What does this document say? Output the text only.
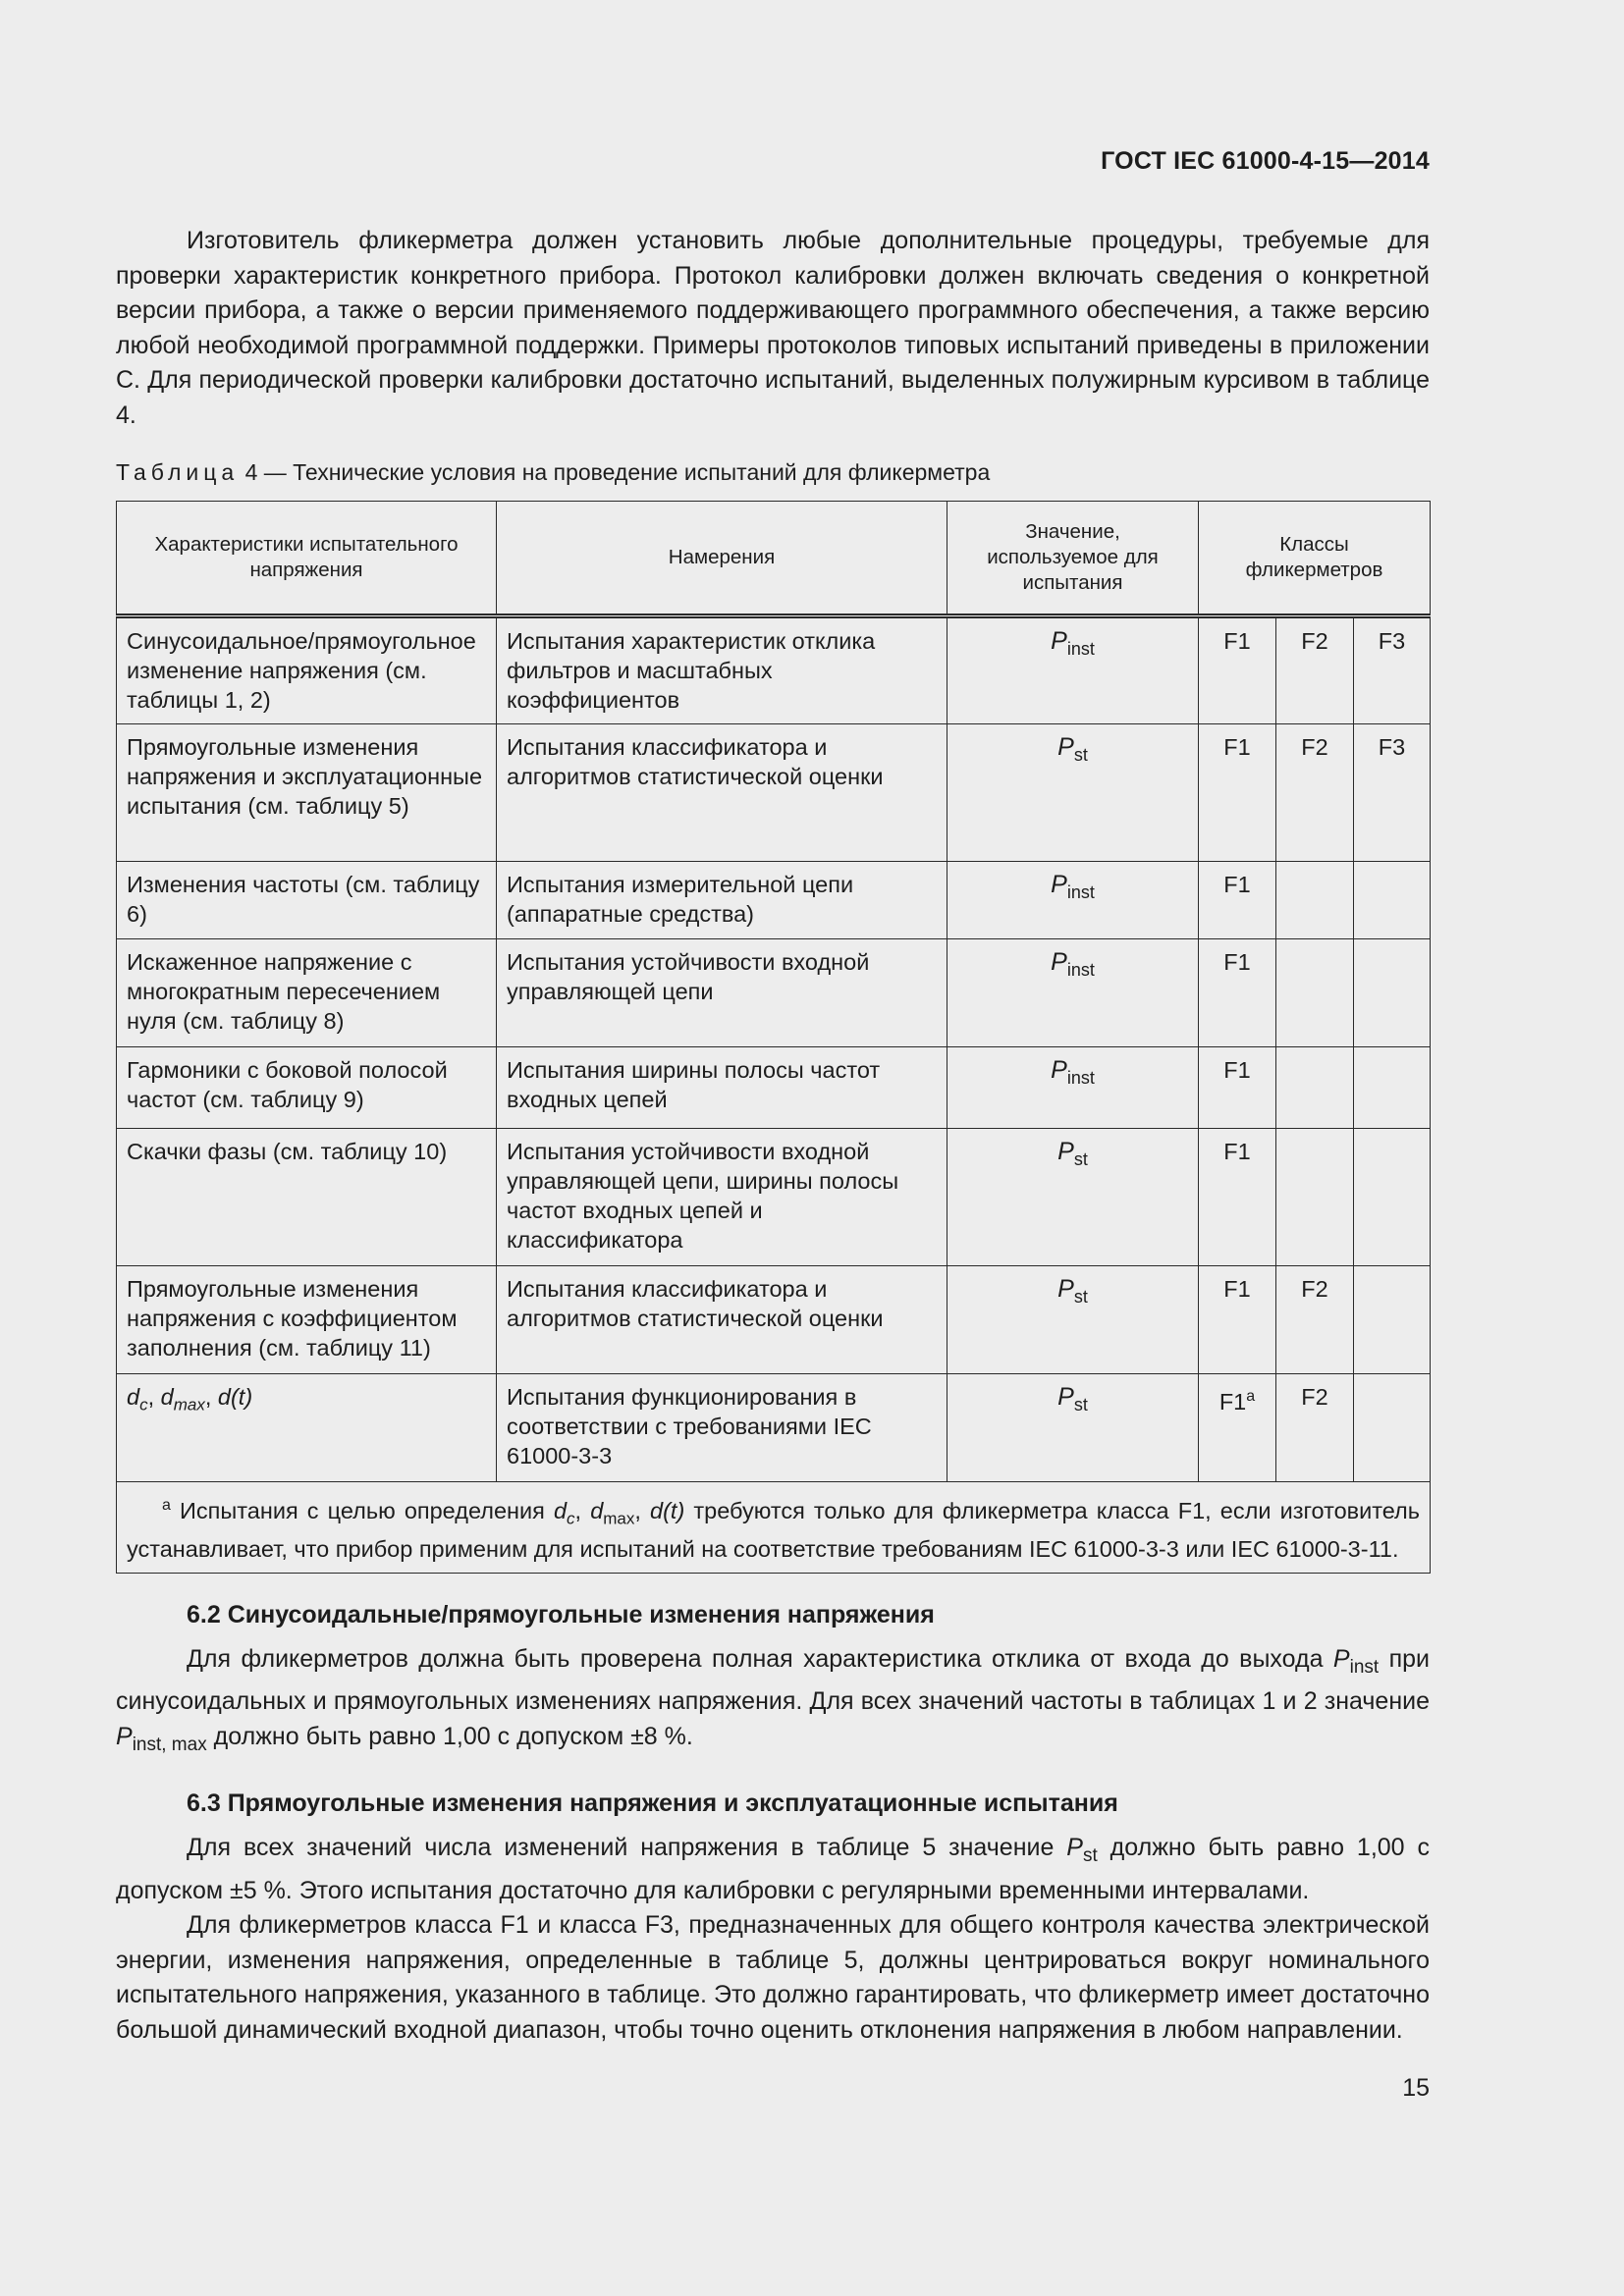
ГОСТ IEC 61000-4-15—2014

Изготовитель фликерметра должен установить любые дополнительные процедуры, требуемые для проверки характеристик конкретного прибора. Протокол калибровки должен включать сведения о конкретной версии прибора, а также о версии применяемого поддерживающего программного обеспечения, а также версию любой необходимой программной поддержки. Примеры протоколов типовых испытаний приведены в приложении C. Для периодической проверки калибровки достаточно испытаний, выделенных полужирным курсивом в таблице 4.

Таблица 4 — Технические условия на проведение испытаний для фликерметра
Характеристики испытательного напряжения	Намерения	Значение, используемое для испытания	Классы фликерметров		
Синусоидальное/прямоугольное изменение напряжения (см. таблицы 1, 2)	Испытания характеристик отклика фильтров и масштабных коэффициентов	$P_{inst}$	F1	F2	F3
Прямоугольные изменения напряжения и эксплуатационные испытания (см. таблицу 5)	Испытания классификатора и алгоритмов статистической оценки	$P_{st}$	F1	F2	F3
Изменения частоты (см. таблицу 6)	Испытания измерительной цепи (аппаратные средства)	$P_{inst}$	F1		
Искаженное напряжение с многократным пересечением нуля (см. таблицу 8)	Испытания устойчивости входной управляющей цепи	$P_{inst}$	F1		
Гармоники с боковой полосой частот (см. таблицу 9)	Испытания ширины полосы частот входных цепей	$P_{inst}$	F1		
Скачки фазы (см. таблицу 10)	Испытания устойчивости входной управляющей цепи, ширины полосы частот входных цепей и классификатора	$P_{st}$	F1		
Прямоугольные изменения напряжения с коэффициентом заполнения (см. таблицу 11)	Испытания классификатора и алгоритмов статистической оценки	$P_{st}$	F1	F2	
$d_c$, $d_{max}$, d(t)	Испытания функционирования в соответствии с требованиями IEC 61000-3-3	$P_{st}$	F1$^a$	F2	
$^a$ Испытания с целью определения $d_c$, $d_{max}$, d(t) требуются только для фликерметра класса F1, если изготовитель устанавливает, что прибор применим для испытаний на соответствие требованиям IEC 61000-3-3 или IEC 61000-3-11.					
6.2 Синусоидальные/прямоугольные изменения напряжения

Для фликерметров должна быть проверена полная характеристика отклика от входа до выхода $P_{inst}$ при синусоидальных и прямоугольных изменениях напряжения. Для всех значений частоты в таблицах 1 и 2 значение $P_{inst, max}$ должно быть равно 1,00 с допуском ±8 %.

6.3 Прямоугольные изменения напряжения и эксплуатационные испытания

Для всех значений числа изменений напряжения в таблице 5 значение $P_{st}$ должно быть равно 1,00 с допуском ±5 %. Этого испытания достаточно для калибровки с регулярными временными интервалами.

Для фликерметров класса F1 и класса F3, предназначенных для общего контроля качества электрической энергии, изменения напряжения, определенные в таблице 5, должны центрироваться вокруг номинального испытательного напряжения, указанного в таблице. Это должно гарантировать, что фликерметр имеет достаточно большой динамический входной диапазон, чтобы точно оценить отклонения напряжения в любом направлении.

15
